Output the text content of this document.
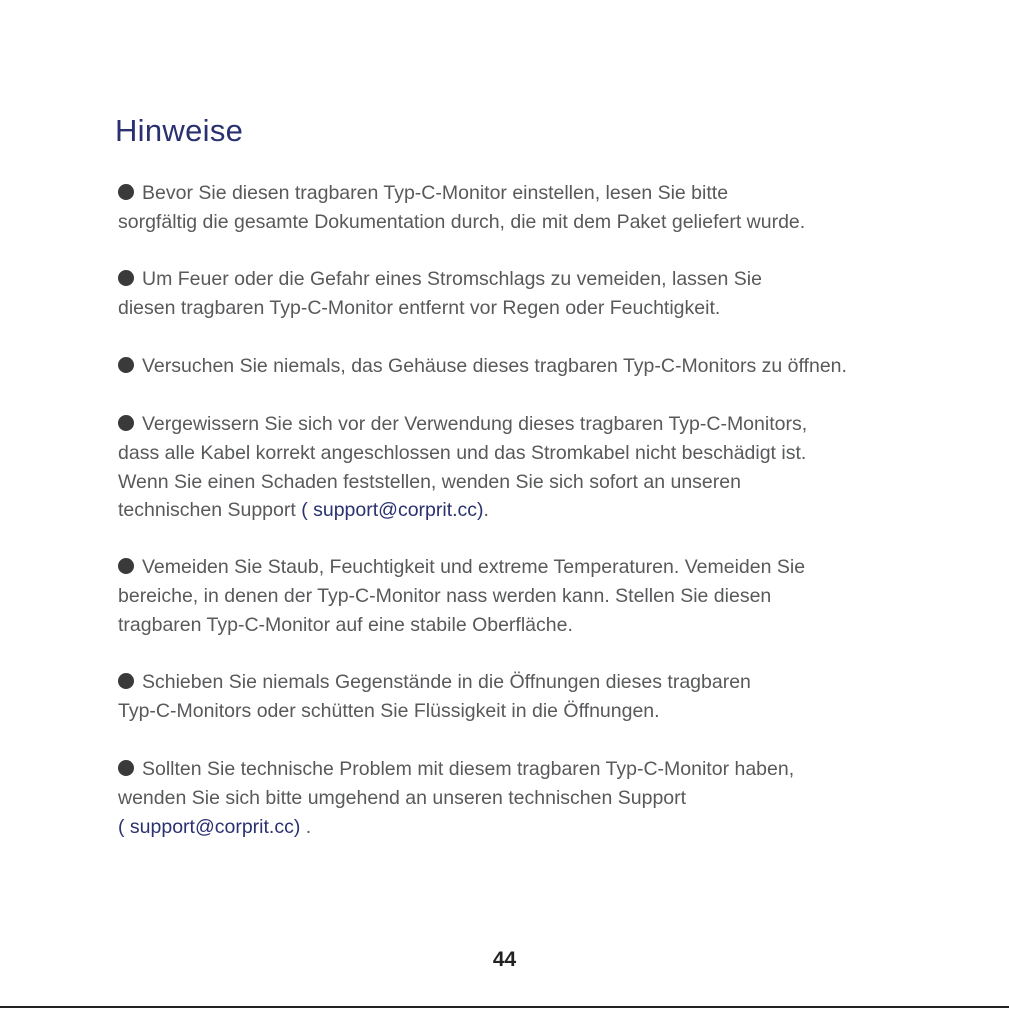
Hinweise

Bevor Sie diesen tragbaren Typ-C-Monitor einstellen, lesen Sie bitte
sorgfältig die gesamte Dokumentation durch, die mit dem Paket geliefert wurde.

Um Feuer oder die Gefahr eines Stromschlags zu vemeiden, lassen Sie
diesen tragbaren Typ-C-Monitor entfernt vor Regen oder Feuchtigkeit.

Versuchen Sie niemals, das Gehäuse dieses tragbaren Typ-C-Monitors zu öffnen.

Vergewissern Sie sich vor der Verwendung dieses tragbaren Typ-C-Monitors,
dass alle Kabel korrekt angeschlossen und das Stromkabel nicht beschädigt ist.
Wenn Sie einen Schaden feststellen, wenden Sie sich sofort an unseren
technischen Support ( support@corprit.cc).

Vemeiden Sie Staub, Feuchtigkeit und extreme Temperaturen. Vemeiden Sie
bereiche, in denen der Typ-C-Monitor nass werden kann. Stellen Sie diesen
tragbaren Typ-C-Monitor auf eine stabile Oberfläche.

Schieben Sie niemals Gegenstände in die Öffnungen dieses tragbaren
Typ-C-Monitors oder schütten Sie Flüssigkeit in die Öffnungen.

Sollten Sie technische Problem mit diesem tragbaren Typ-C-Monitor haben,
wenden Sie sich bitte umgehend an unseren technischen Support
( support@corprit.cc) .

44
